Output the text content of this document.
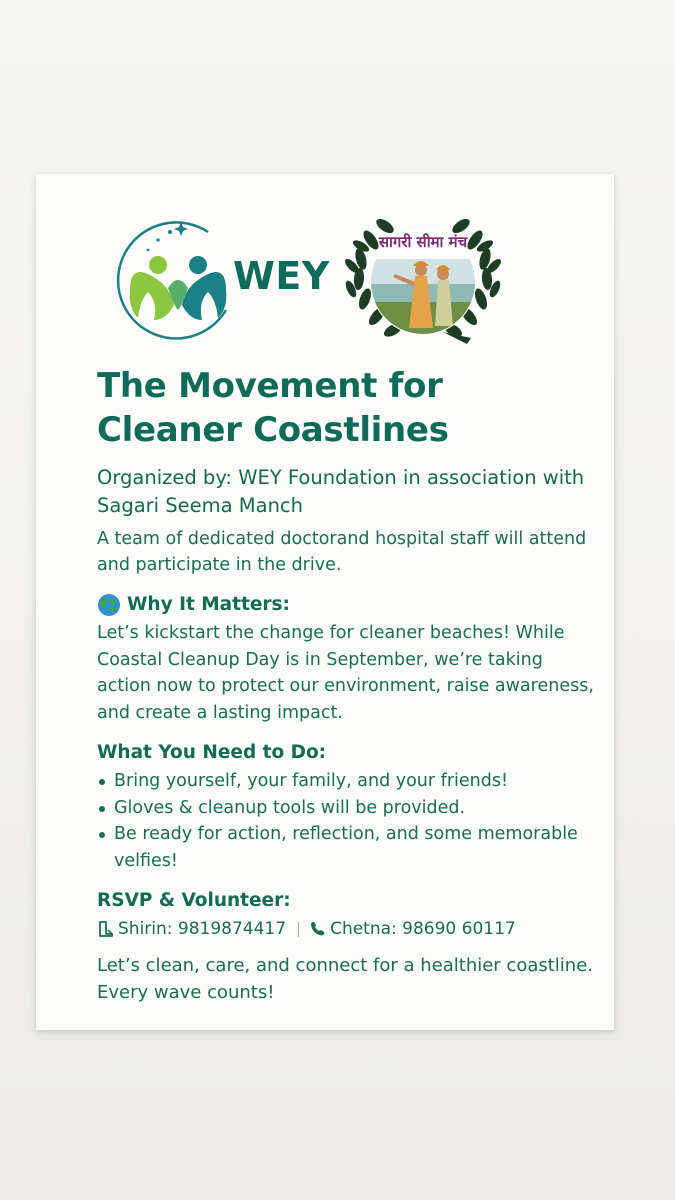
WEY
सागरी सीमा मंच
The Movement for Cleaner Coastlines

Organized by: WEY Foundation in association with Sagari Seema Manch

A team of dedicated doctorand hospital staff will attend and participate in the drive.

Why It Matters:

Let’s kickstart the change for cleaner beaches! While Coastal Cleanup Day is in September, we’re taking action now to protect our environment, raise awareness, and create a lasting impact.

What You Need to Do:
Bring yourself, your family, and your friends!
Gloves & cleanup tools will be provided.
Be ready for action, reflection, and some memorable velfies!
RSVP & Volunteer:
Shirin: 9819874417	Chetna: 98690 60117

Let’s clean, care, and connect for a healthier coastline. Every wave counts!
